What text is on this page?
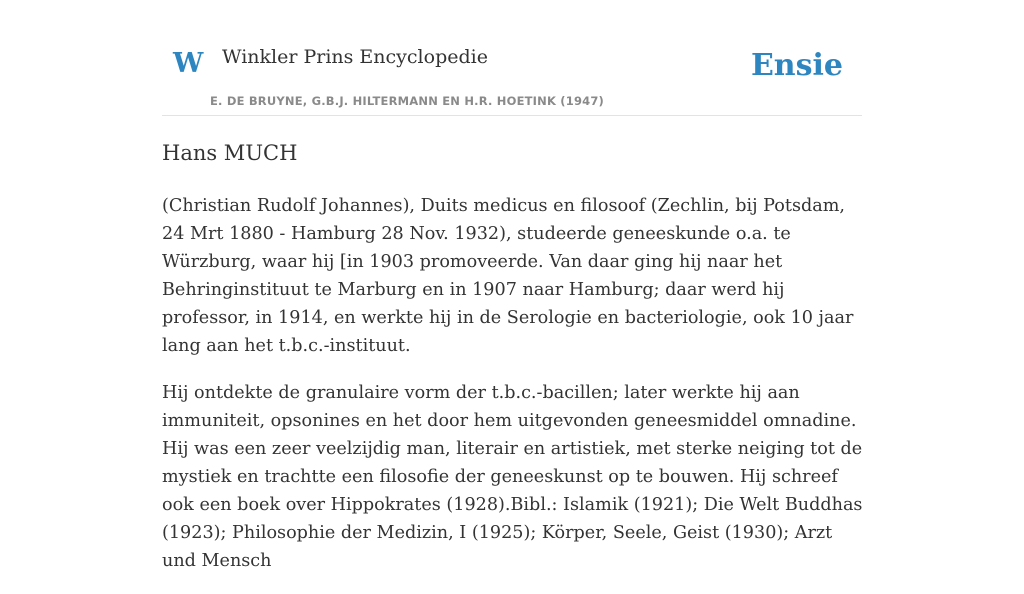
W Winkler Prins Encyclopedie
E. DE BRUYNE, G.B.J. HILTERMANN EN H.R. HOETINK (1947)
Ensie
Hans MUCH

(Christian Rudolf Johannes), Duits medicus en filosoof (Zechlin, bij Potsdam, 24 Mrt 1880 - Hamburg 28 Nov. 1932), studeerde geneeskunde o.a. te Würzburg, waar hij [in 1903 promoveerde. Van daar ging hij naar het Behringinstituut te Marburg en in 1907 naar Hamburg; daar werd hij professor, in 1914, en werkte hij in de Serologie en bacteriologie, ook 10 jaar lang aan het t.b.c.-instituut.

Hij ontdekte de granulaire vorm der t.b.c.-bacillen; later werkte hij aan immuniteit, opsonines en het door hem uitgevonden geneesmiddel omnadine. Hij was een zeer veelzijdig man, literair en artistiek, met sterke neiging tot de mystiek en trachtte een filosofie der geneeskunst op te bouwen. Hij schreef ook een boek over Hippokrates (1928).Bibl.: Islamik (1921); Die Welt Buddhas (1923); Philosophie der Medizin, I (1925); Körper, Seele, Geist (1930); Arzt und Mensch
